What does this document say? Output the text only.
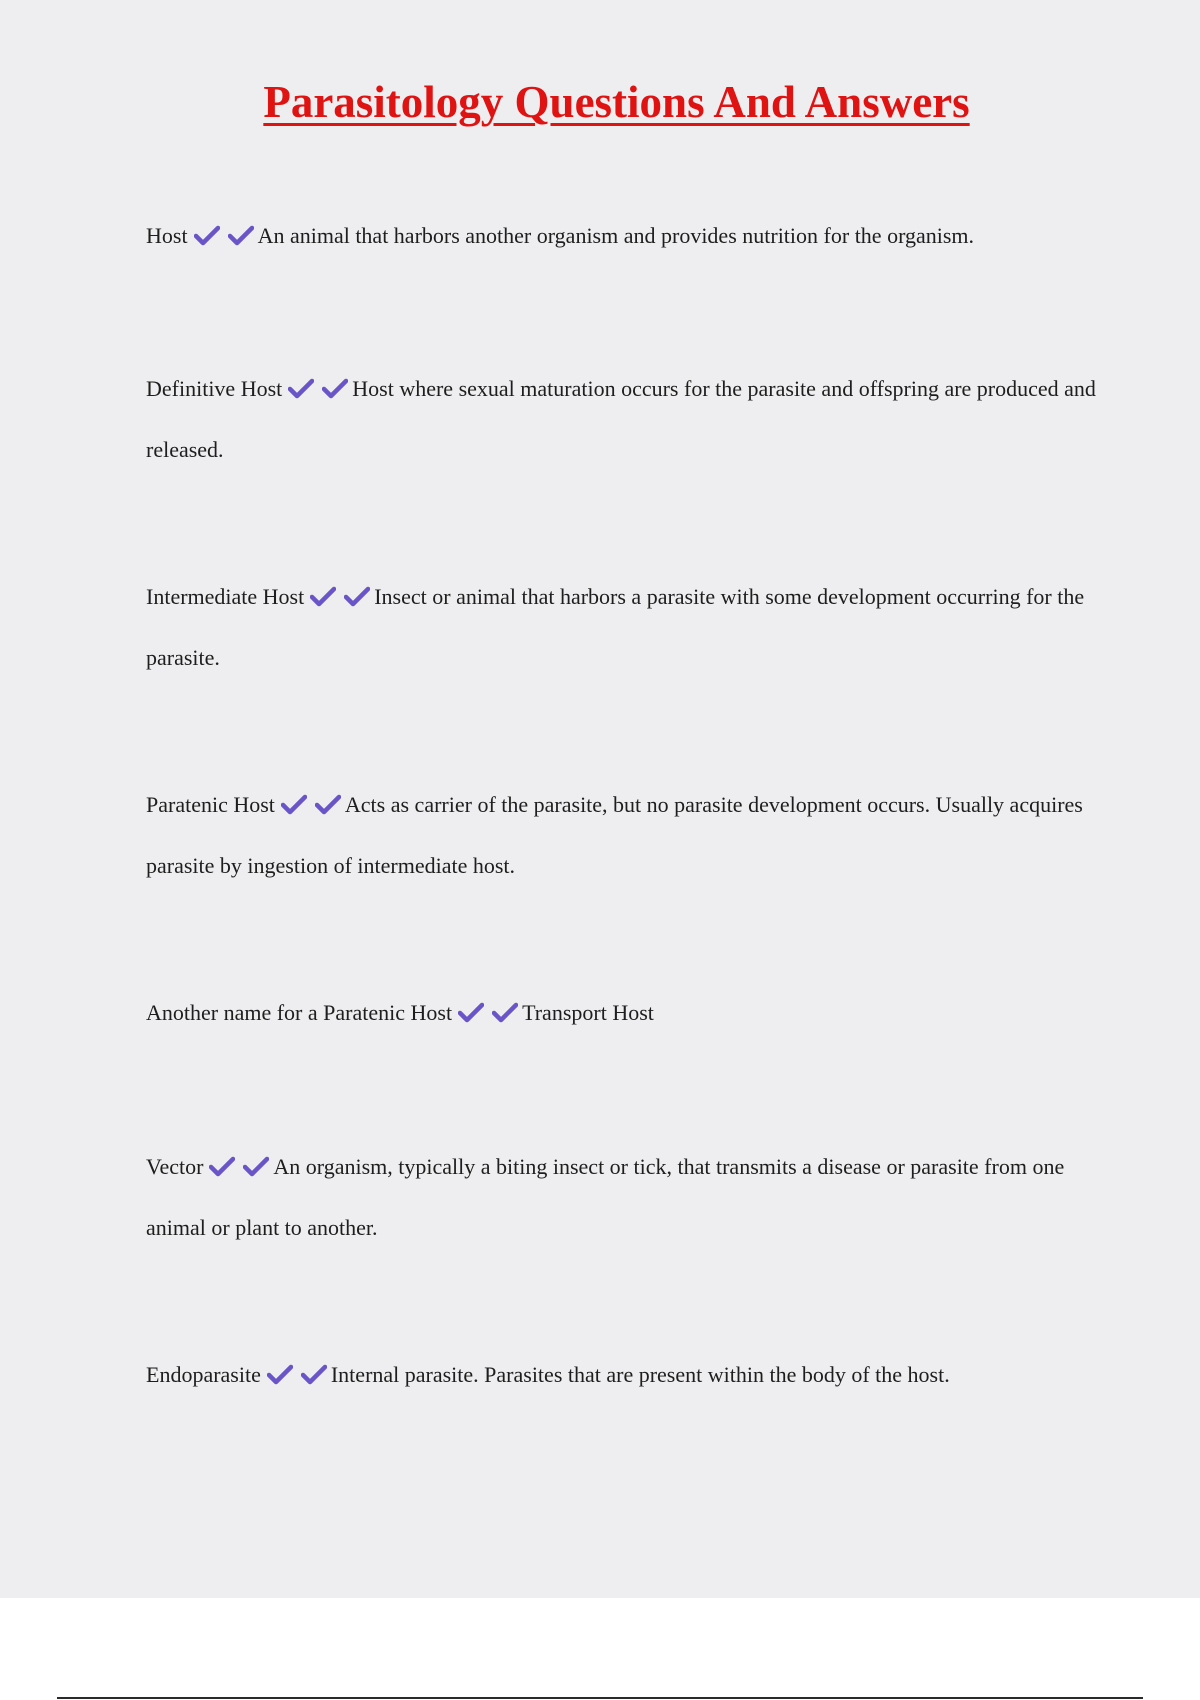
Parasitology Questions And Answers
Host	An animal that harbors another organism and provides nutrition for the organism.
Definitive Host	Host where sexual maturation occurs for the parasite and offspring are produced and released.
Intermediate Host	Insect or animal that harbors a parasite with some development occurring for the parasite.
Paratenic Host	Acts as carrier of the parasite, but no parasite development occurs. Usually acquires parasite by ingestion of intermediate host.
Another name for a Paratenic Host	Transport Host
Vector	An organism, typically a biting insect or tick, that transmits a disease or parasite from one animal or plant to another.
Endoparasite	Internal parasite. Parasites that are present within the body of the host.
